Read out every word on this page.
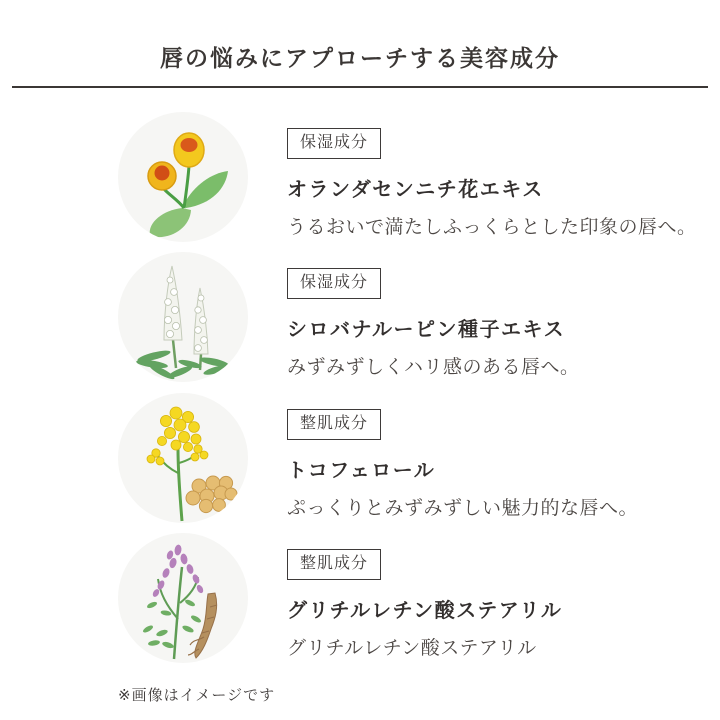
唇の悩みにアプローチする美容成分
保湿成分
オランダセンニチ花エキス
うるおいで満たしふっくらとした印象の唇へ。
保湿成分
シロバナルーピン種子エキス
みずみずしくハリ感のある唇へ。
整肌成分
トコフェロール
ぷっくりとみずみずしい魅力的な唇へ。
整肌成分
グリチルレチン酸ステアリル
グリチルレチン酸ステアリル
※画像はイメージです
